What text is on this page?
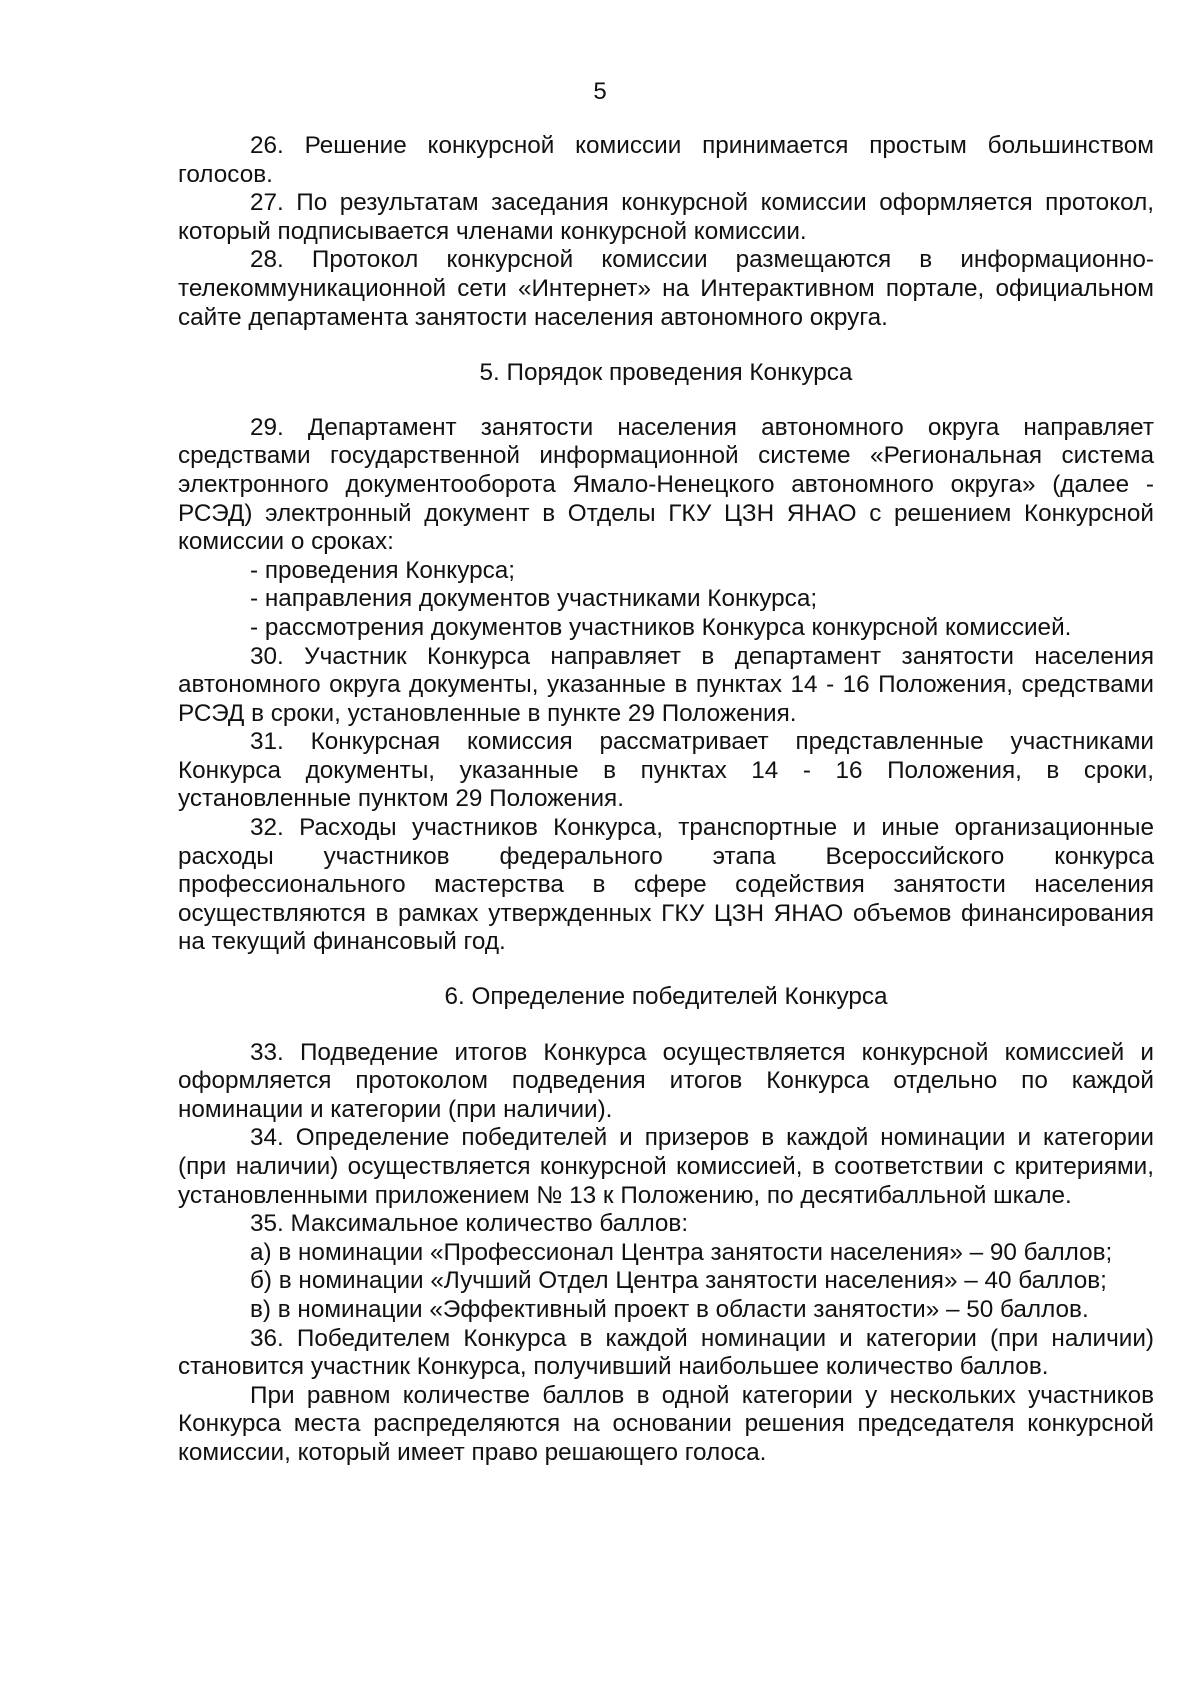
5

26. Решение конкурсной комиссии принимается простым большинством голосов.

27. По результатам заседания конкурсной комиссии оформляется протокол, который подписывается членами конкурсной комиссии.

28. Протокол конкурсной комиссии размещаются в информационно-телекоммуникационной сети «Интернет» на Интерактивном портале, официальном сайте департамента занятости населения автономного округа.

5. Порядок проведения Конкурса

29. Департамент занятости населения автономного округа направляет средствами государственной информационной системе «Региональная система электронного документооборота Ямало-Ненецкого автономного округа» (далее - РСЭД) электронный документ в Отделы ГКУ ЦЗН ЯНАО с решением Конкурсной комиссии о сроках:

- проведения Конкурса;

- направления документов участниками Конкурса;

- рассмотрения документов участников Конкурса конкурсной комиссией.

30. Участник Конкурса направляет в департамент занятости населения автономного округа документы, указанные в пунктах 14 - 16 Положения, средствами РСЭД в сроки, установленные в пункте 29 Положения.

31. Конкурсная комиссия рассматривает представленные участниками Конкурса документы, указанные в пунктах 14 - 16 Положения, в сроки, установленные пунктом 29 Положения.

32. Расходы участников Конкурса, транспортные и иные организационные расходы участников федерального этапа Всероссийского конкурса профессионального мастерства в сфере содействия занятости населения осуществляются в рамках утвержденных ГКУ ЦЗН ЯНАО объемов финансирования на текущий финансовый год.

6. Определение победителей Конкурса

33. Подведение итогов Конкурса осуществляется конкурсной комиссией и оформляется протоколом подведения итогов Конкурса отдельно по каждой номинации и категории (при наличии).

34. Определение победителей и призеров в каждой номинации и категории (при наличии) осуществляется конкурсной комиссией, в соответствии с критериями, установленными приложением № 13 к Положению, по десятибалльной шкале.

35. Максимальное количество баллов:

а) в номинации «Профессионал Центра занятости населения» – 90 баллов;

б) в номинации «Лучший Отдел Центра занятости населения» – 40 баллов;

в) в номинации «Эффективный проект в области занятости» – 50 баллов.

36. Победителем Конкурса в каждой номинации и категории (при наличии) становится участник Конкурса, получивший наибольшее количество баллов.

При равном количестве баллов в одной категории у нескольких участников Конкурса места распределяются на основании решения председателя конкурсной комиссии, который имеет право решающего голоса.
